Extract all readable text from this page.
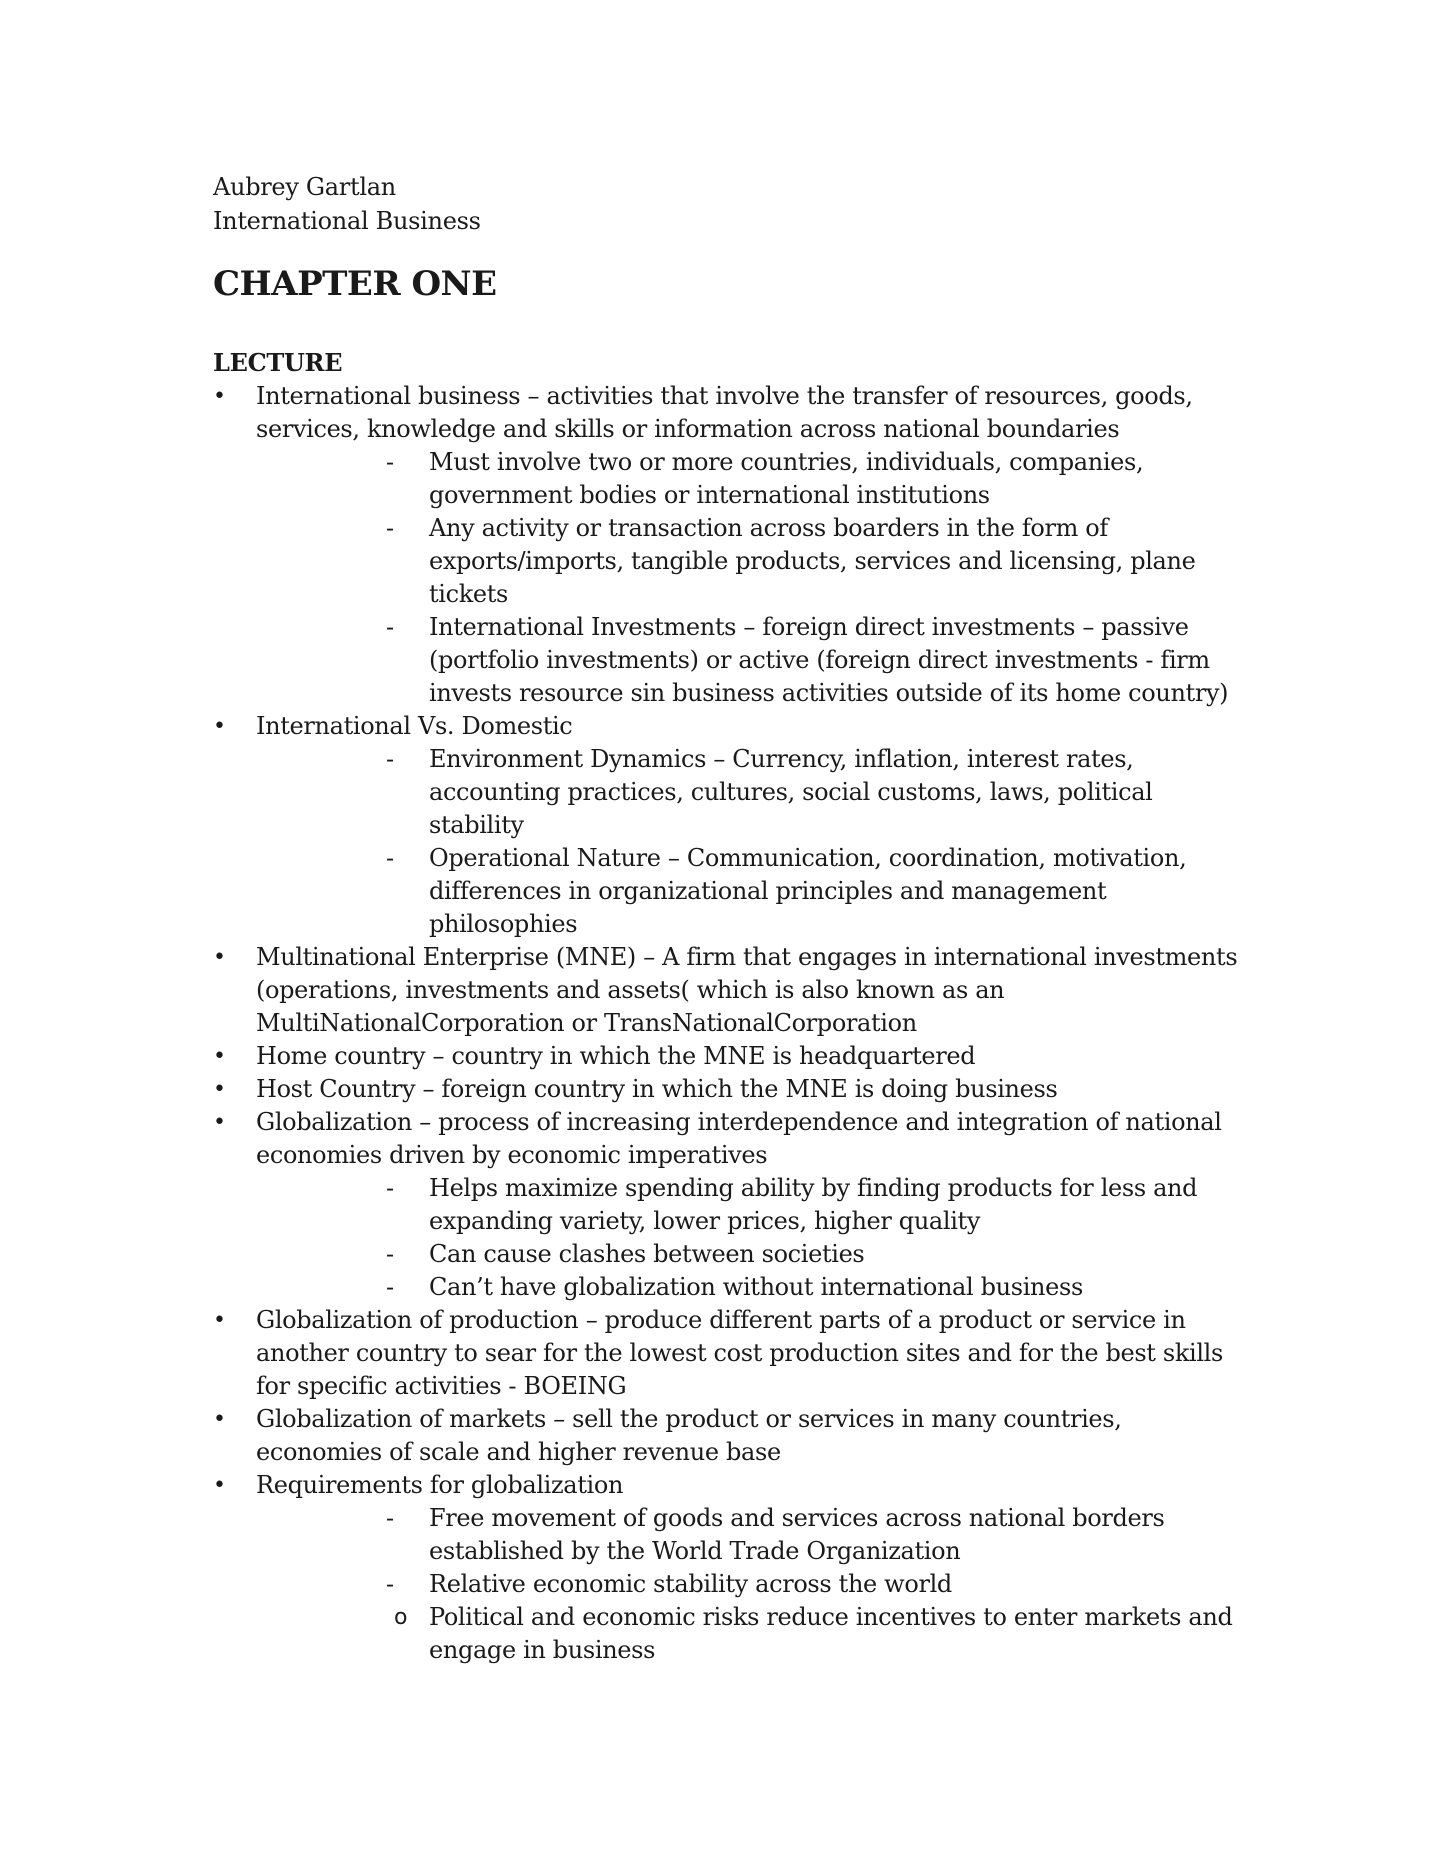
Aubrey Gartlan
International Business
CHAPTER ONE
LECTURE
•	International business – activities that involve the transfer of resources, goods, services, knowledge and skills or information across national boundaries
-	Must involve two or more countries, individuals, companies, government bodies or international institutions
-	Any activity or transaction across boarders in the form of exports/imports, tangible products, services and licensing, plane tickets
-	International Investments – foreign direct investments – passive (portfolio investments) or active (foreign direct investments - firm invests resource sin business activities outside of its home country)
•	International Vs. Domestic
-	Environment Dynamics – Currency, inflation, interest rates, accounting practices, cultures, social customs, laws, political stability
-	Operational Nature – Communication, coordination, motivation, differences in organizational principles and management philosophies
•	Multinational Enterprise (MNE) – A firm that engages in international investments (operations, investments and assets( which is also known as an MultiNationalCorporation or TransNationalCorporation
•	Home country – country in which the MNE is headquartered
•	Host Country – foreign country in which the MNE is doing business
•	Globalization – process of increasing interdependence and integration of national economies driven by economic imperatives
-	Helps maximize spending ability by finding products for less and expanding variety, lower prices, higher quality
-	Can cause clashes between societies
-	Can’t have globalization without international business
•	Globalization of production – produce different parts of a product or service in another country to sear for the lowest cost production sites and for the best skills for specific activities - BOEING
•	Globalization of markets – sell the product or services in many countries, economies of scale and higher revenue base
•	Requirements for globalization
-	Free movement of goods and services across national borders established by the World Trade Organization
-	Relative economic stability across the world
o Political and economic risks reduce incentives to enter markets and engage in business
